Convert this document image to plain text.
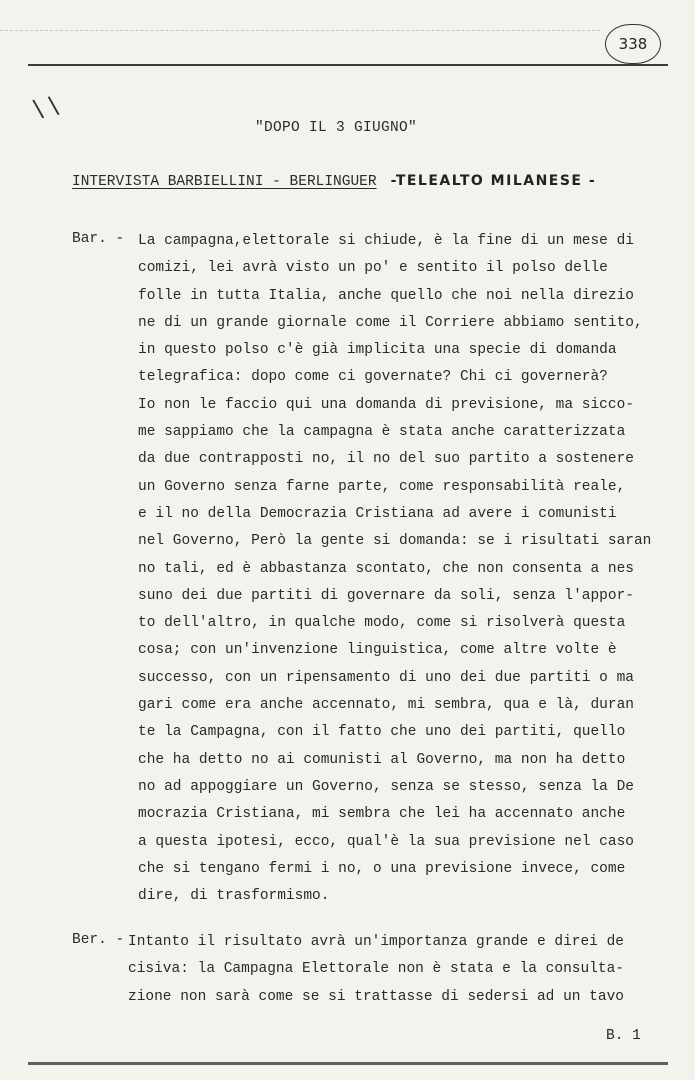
338
\ \
"DOPO IL 3 GIUGNO"
INTERVISTA BARBIELLINI - BERLINGUER -TELEALTO MILANESE -
Bar. - La campagna,elettorale si chiude, è la fine di un mese di
comizi, lei avrà visto un po' e sentito il polso delle
folle in tutta Italia, anche quello che noi nella direzio
ne di un grande giornale come il Corriere abbiamo sentito,
in questo polso c'è già implicita una specie di domanda
telegrafica: dopo come ci governate? Chi ci governerà?
Io non le faccio qui una domanda di previsione, ma sicco-
me sappiamo che la campagna è stata anche caratterizzata
da due contrapposti no, il no del suo partito a sostenere
un Governo senza farne parte, come responsabilità reale,
e il no della Democrazia Cristiana ad avere i comunisti
nel Governo, Però la gente si domanda: se i risultati saran
no tali, ed è abbastanza scontato, che non consenta a nes
suno dei due partiti di governare da soli, senza l'appor-
to dell'altro, in qualche modo, come si risolverà questa
cosa; con un'invenzione linguistica, come altre volte è
successo, con un ripensamento di uno dei due partiti o ma
gari come era anche accennato, mi sembra, qua e là, duran
te la Campagna, con il fatto che uno dei partiti, quello
che ha detto no ai comunisti al Governo, ma non ha detto
no ad appoggiare un Governo, senza se stesso, senza la De
mocrazia Cristiana, mi sembra che lei ha accennato anche
a questa ipotesi, ecco, qual'è la sua previsione nel caso
che si tengano fermi i no, o una previsione invece, come
dire, di trasformismo.
Ber. - Intanto il risultato avrà un'importanza grande e direi de
cisiva: la Campagna Elettorale non è stata e la consulta-
zione non sarà come se si trattasse di sedersi ad un tavo
B. 1
